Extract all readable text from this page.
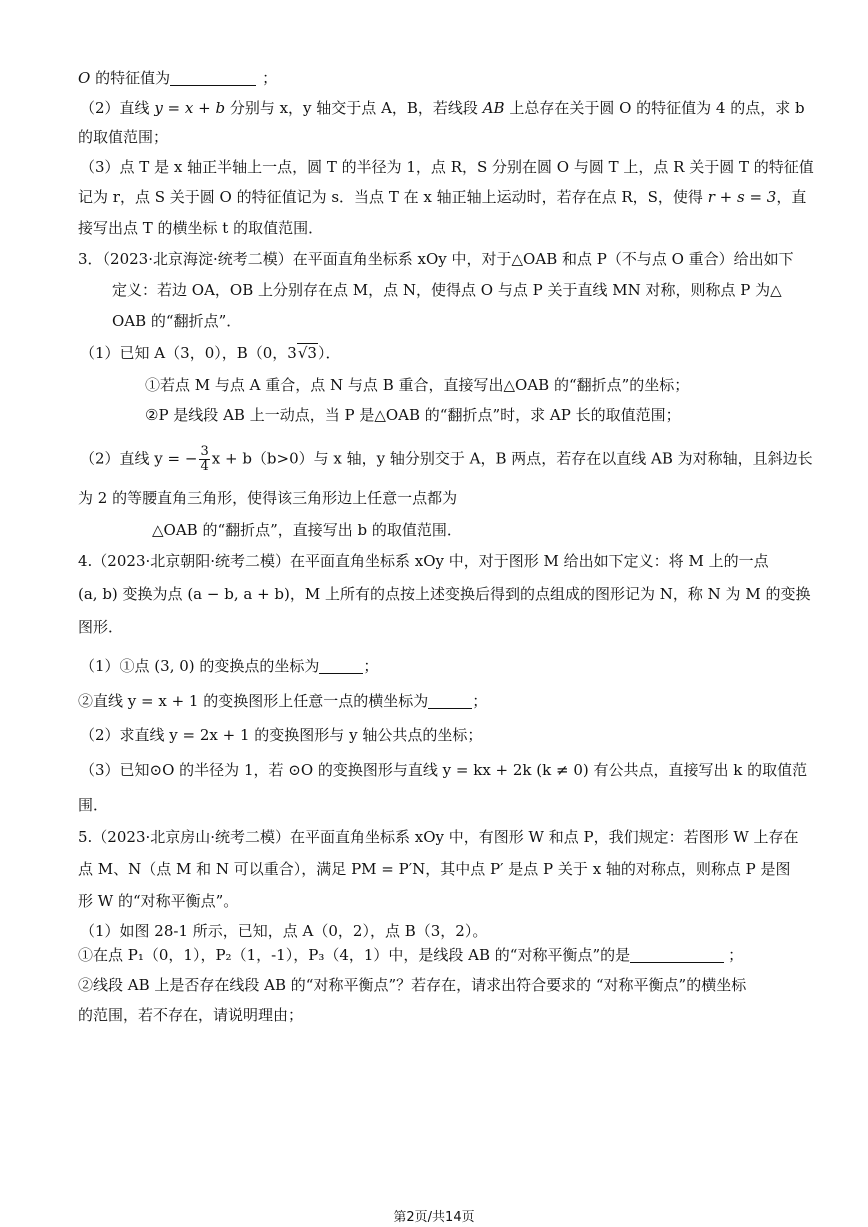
O 的特征值为	；
（2）直线 y = x + b 分别与 x，y 轴交于点 A，B，若线段 AB 上总存在关于圆 O 的特征值为 4 的点，求 b
的取值范围；
（3）点 T 是 x 轴正半轴上一点，圆 T 的半径为 1，点 R，S 分别在圆 O 与圆 T 上，点 R 关于圆 T 的特征值
记为 r，点 S 关于圆 O 的特征值记为 s．当点 T 在 x 轴正轴上运动时，若存在点 R，S，使得 r + s = 3，直
接写出点 T 的横坐标 t 的取值范围．
3．（2023·北京海淀·统考二模）在平面直角坐标系 xOy 中，对于△OAB 和点 P（不与点 O 重合）给出如下
定义：若边 OA，OB 上分别存在点 M，点 N，使得点 O 与点 P 关于直线 MN 对称，则称点 P 为△
OAB 的“翻折点”．
（1）已知 A（3，0），B（0，3√3）．
①若点 M 与点 A 重合，点 N 与点 B 重合，直接写出△OAB 的“翻折点”的坐标；
②P 是线段 AB 上一动点，当 P 是△OAB 的“翻折点”时，求 AP 长的取值范围；
（2）直线 y = − $\frac{3}{4}$ x + b（b>0）与 x 轴，y 轴分别交于 A，B 两点，若存在以直线 AB 为对称轴，且斜边长
为 2 的等腰直角三角形，使得该三角形边上任意一点都为
△OAB 的“翻折点”，直接写出 b 的取值范围．
4.（2023·北京朝阳·统考二模）在平面直角坐标系 xOy 中，对于图形 M 给出如下定义：将 M 上的一点
(a, b) 变换为点 (a − b, a + b)，M 上所有的点按上述变换后得到的点组成的图形记为 N，称 N 为 M 的变换
图形．
（1）①点 (3, 0) 的变换点的坐标为	；
②直线 y = x + 1 的变换图形上任意一点的横坐标为	；
（2）求直线 y = 2x + 1 的变换图形与 y 轴公共点的坐标；
（3）已知⊙O 的半径为 1，若 ⊙O 的变换图形与直线 y = kx + 2k (k ≠ 0) 有公共点，直接写出 k 的取值范
围．
5.（2023·北京房山·统考二模）在平面直角坐标系 xOy 中，有图形 W 和点 P，我们规定：若图形 W 上存在
点 M、N（点 M 和 N 可以重合），满足 PM = P′N，其中点 P′ 是点 P 关于 x 轴的对称点，则称点 P 是图
形 W 的“对称平衡点”。
（1）如图 28-1 所示，已知，点 A（0，2），点 B（3，2）。
①在点 P₁（0，1），P₂（1，-1），P₃（4，1）中，是线段 AB 的“对称平衡点”的是	；
②线段 AB 上是否存在线段 AB 的“对称平衡点”？若存在，请求出符合要求的 “对称平衡点”的横坐标
的范围，若不存在，请说明理由；
第2页/共14页
